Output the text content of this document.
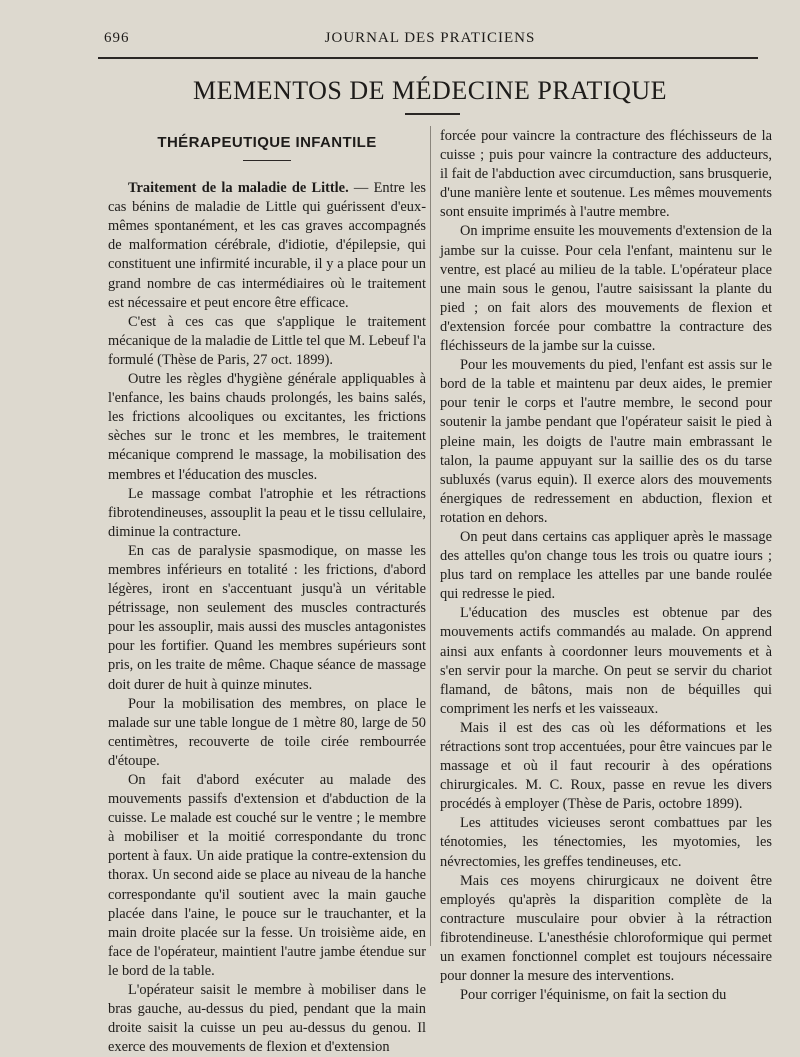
696	JOURNAL DES PRATICIENS
MEMENTOS DE MÉDECINE PRATIQUE
THÉRAPEUTIQUE INFANTILE

Traitement de la maladie de Little. — Entre les cas bénins de maladie de Little qui guérissent d'eux-mêmes spontanément, et les cas graves accompagnés de malformation cérébrale, d'idiotie, d'épilepsie, qui constituent une infirmité incurable, il y a place pour un grand nombre de cas intermédiaires où le traitement est nécessaire et peut encore être efficace.

C'est à ces cas que s'applique le traitement mécanique de la maladie de Little tel que M. Lebeuf l'a formulé (Thèse de Paris, 27 oct. 1899).

Outre les règles d'hygiène générale appliquables à l'enfance, les bains chauds prolongés, les bains salés, les frictions alcooliques ou excitantes, les frictions sèches sur le tronc et les membres, le traitement mécanique comprend le massage, la mobilisation des membres et l'éducation des muscles.

Le massage combat l'atrophie et les rétractions fibrotendineuses, assouplit la peau et le tissu cellulaire, diminue la contracture.

En cas de paralysie spasmodique, on masse les membres inférieurs en totalité : les frictions, d'abord légères, iront en s'accentuant jusqu'à un véritable pétrissage, non seulement des muscles contracturés pour les assouplir, mais aussi des muscles antagonistes pour les fortifier. Quand les membres supérieurs sont pris, on les traite de même. Chaque séance de massage doit durer de huit à quinze minutes.

Pour la mobilisation des membres, on place le malade sur une table longue de 1 mètre 80, large de 50 centimètres, recouverte de toile cirée rembourrée d'étoupe.

On fait d'abord exécuter au malade des mouvements passifs d'extension et d'abduction de la cuisse. Le malade est couché sur le ventre ; le membre à mobiliser et la moitié correspondante du tronc portent à faux. Un aide pratique la contre-extension du thorax. Un second aide se place au niveau de la hanche correspondante qu'il soutient avec la main gauche placée dans l'aine, le pouce sur le trauchanter, et la main droite placée sur la fesse. Un troisième aide, en face de l'opérateur, maintient l'autre jambe étendue sur le bord de la table.

L'opérateur saisit le membre à mobiliser dans le bras gauche, au-dessus du pied, pendant que la main droite saisit la cuisse un peu au-dessus du genou. Il exerce des mouvements de flexion et d'extension

forcée pour vaincre la contracture des fléchisseurs de la cuisse ; puis pour vaincre la contracture des adducteurs, il fait de l'abduction avec circumduction, sans brusquerie, d'une manière lente et soutenue. Les mêmes mouvements sont ensuite imprimés à l'autre membre.

On imprime ensuite les mouvements d'extension de la jambe sur la cuisse. Pour cela l'enfant, maintenu sur le ventre, est placé au milieu de la table. L'opérateur place une main sous le genou, l'autre saisissant la plante du pied ; on fait alors des mouvements de flexion et d'extension forcée pour combattre la contracture des fléchisseurs de la jambe sur la cuisse.

Pour les mouvements du pied, l'enfant est assis sur le bord de la table et maintenu par deux aides, le premier pour tenir le corps et l'autre membre, le second pour soutenir la jambe pendant que l'opérateur saisit le pied à pleine main, les doigts de l'autre main embrassant le talon, la paume appuyant sur la saillie des os du tarse subluxés (varus equin). Il exerce alors des mouvements énergiques de redressement en abduction, flexion et rotation en dehors.

On peut dans certains cas appliquer après le massage des attelles qu'on change tous les trois ou quatre iours ; plus tard on remplace les attelles par une bande roulée qui redresse le pied.

L'éducation des muscles est obtenue par des mouvements actifs commandés au malade. On apprend ainsi aux enfants à coordonner leurs mouvements et à s'en servir pour la marche. On peut se servir du chariot flamand, de bâtons, mais non de béquilles qui compriment les nerfs et les vaisseaux.

Mais il est des cas où les déformations et les rétractions sont trop accentuées, pour être vaincues par le massage et où il faut recourir à des opérations chirurgicales. M. C. Roux, passe en revue les divers procédés à employer (Thèse de Paris, octobre 1899).

Les attitudes vicieuses seront combattues par les ténotomies, les ténectomies, les myotomies, les névrectomies, les greffes tendineuses, etc.

Mais ces moyens chirurgicaux ne doivent être employés qu'après la disparition complète de la contracture musculaire pour obvier à la rétraction fibrotendineuse. L'anesthésie chloroformique qui permet un examen fonctionnel complet est toujours nécessaire pour donner la mesure des interventions.

Pour corriger l'équinisme, on fait la section du
